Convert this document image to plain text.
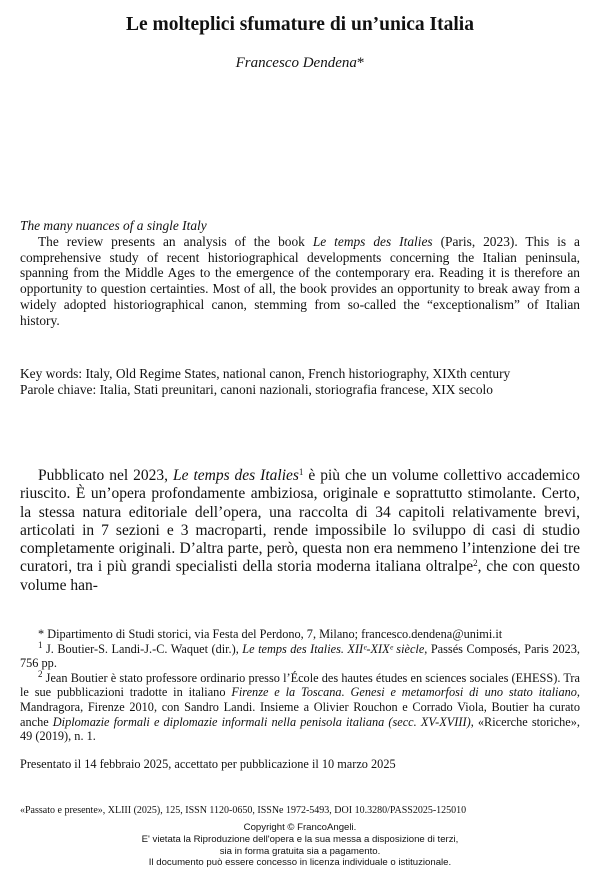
Le molteplici sfumature di un’unica Italia
Francesco Dendena*
The many nuances of a single Italy

The review presents an analysis of the book Le temps des Italies (Paris, 2023). This is a comprehensive study of recent historiographical developments concerning the Italian peninsula, spanning from the Middle Ages to the emergence of the contemporary era. Reading it is therefore an opportunity to question certainties. Most of all, the book provides an opportunity to break away from a widely adopted historiographical canon, stemming from so-called the “exceptionalism” of Italian history.

Key words: Italy, Old Regime States, national canon, French historiography, XIXth century

Parole chiave: Italia, Stati preunitari, canoni nazionali, storiografia francese, XIX secolo

Pubblicato nel 2023, Le temps des Italies$^1$ è più che un volume collettivo accademico riuscito. È un’opera profondamente ambiziosa, originale e soprattutto stimolante. Certo, la stessa natura editoriale dell’opera, una raccolta di 34 capitoli relativamente brevi, articolati in 7 sezioni e 3 macroparti, rende impossibile lo sviluppo di casi di studio completamente originali. D’altra parte, però, questa non era nemmeno l’intenzione dei tre curatori, tra i più grandi specialisti della storia moderna italiana oltralpe$^2$, che con questo volume han-

* Dipartimento di Studi storici, via Festa del Perdono, 7, Milano; francesco.dendena@unimi.it

$^1$ J. Boutier-S. Landi-J.-C. Waquet (dir.), Le temps des Italies. XIIᵉ-XIXᵉ siècle, Passés Composés, Paris 2023, 756 pp.

$^2$ Jean Boutier è stato professore ordinario presso l’École des hautes études en sciences sociales (EHESS). Tra le sue pubblicazioni tradotte in italiano Firenze e la Toscana. Genesi e metamorfosi di uno stato italiano, Mandragora, Firenze 2010, con Sandro Landi. Insieme a Olivier Rouchon e Corrado Viola, Boutier ha curato anche Diplomazie formali e diplomazie informali nella penisola italiana (secc. XV-XVIII), «Ricerche storiche», 49 (2019), n. 1.

Presentato il 14 febbraio 2025, accettato per pubblicazione il 10 marzo 2025
«Passato e presente», XLIII (2025), 125, ISSN 1120-0650, ISSNe 1972-5493, DOI 10.3280/PASS2025-125010
Copyright © FrancoAngeli.
E' vietata la Riproduzione dell'opera e la sua messa a disposizione di terzi,
sia in forma gratuita sia a pagamento.
Il documento può essere concesso in licenza individuale o istituzionale.
